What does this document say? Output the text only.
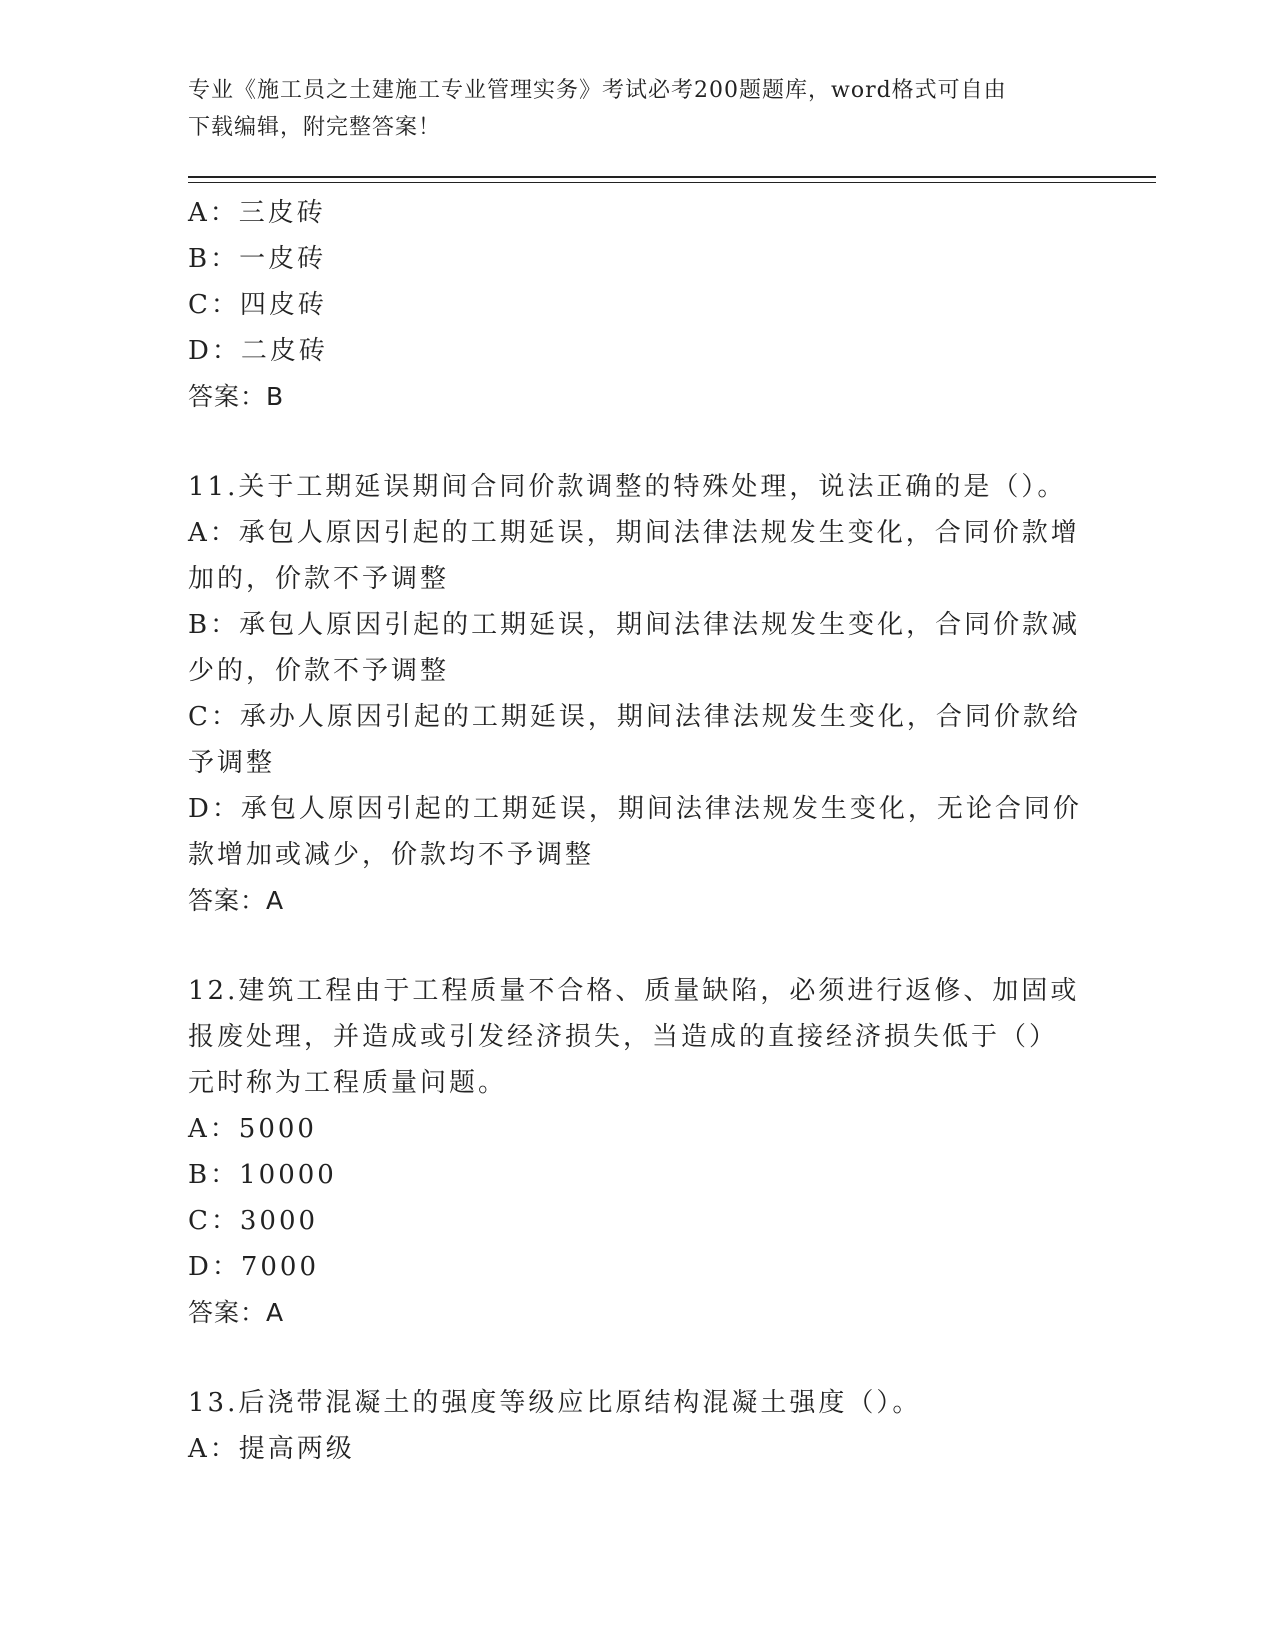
专业《施工员之土建施工专业管理实务》考试必考200题题库，word格式可自由
下载编辑，附完整答案！
A：三皮砖
B：一皮砖
C：四皮砖
D：二皮砖
答案：B
11.关于工期延误期间合同价款调整的特殊处理，说法正确的是（）。
A：承包人原因引起的工期延误，期间法律法规发生变化，合同价款增
加的，价款不予调整
B：承包人原因引起的工期延误，期间法律法规发生变化，合同价款减
少的，价款不予调整
C：承办人原因引起的工期延误，期间法律法规发生变化，合同价款给
予调整
D：承包人原因引起的工期延误，期间法律法规发生变化，无论合同价
款增加或减少，价款均不予调整
答案：A
12.建筑工程由于工程质量不合格、质量缺陷，必须进行返修、加固或
报废处理，并造成或引发经济损失，当造成的直接经济损失低于（）
元时称为工程质量问题。
A：5000
B：10000
C：3000
D：7000
答案：A
13.后浇带混凝土的强度等级应比原结构混凝土强度（）。
A：提高两级
